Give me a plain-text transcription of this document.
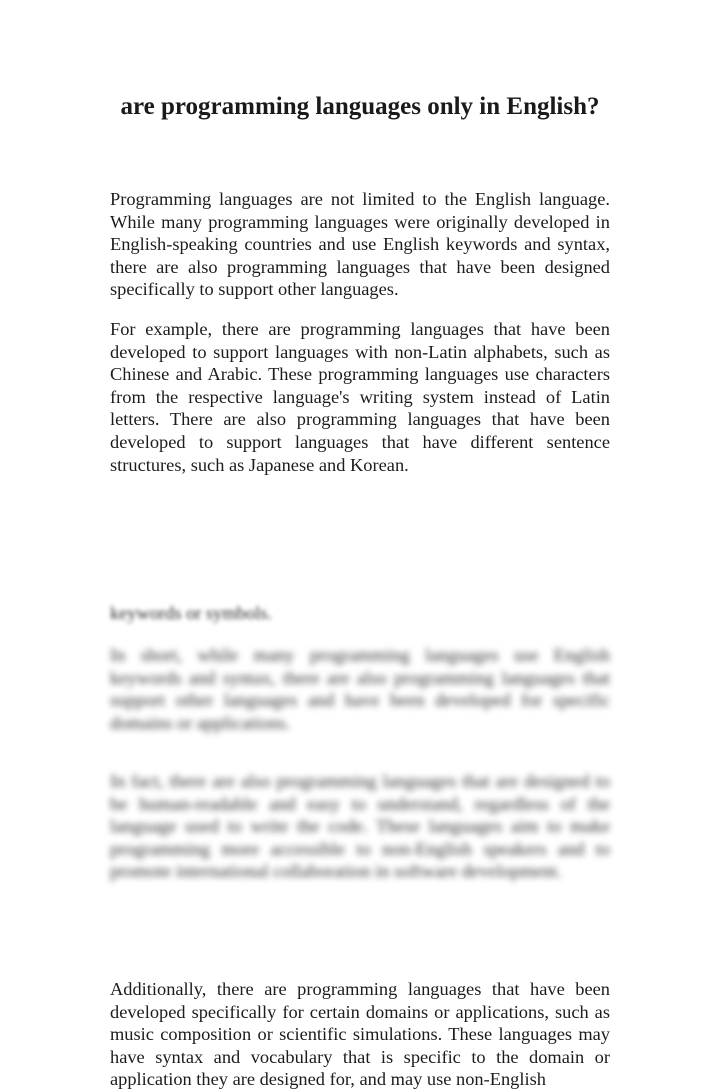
are programming languages only in English?

Programming languages are not limited to the English language. While many programming languages were originally developed in English-speaking countries and use English keywords and syntax, there are also programming languages that have been designed specifically to support other languages.

For example, there are programming languages that have been developed to support languages with non-Latin alphabets, such as Chinese and Arabic. These programming languages use characters from the respective language's writing system instead of Latin letters. There are also programming languages that have been developed to support languages that have different sentence structures, such as Japanese and Korean.

Additionally, there are programming languages that have been developed specifically for certain domains or applications, such as music composition or scientific simulations. These languages may have syntax and vocabulary that is specific to the domain or application they are designed for, and may use non-English

keywords or symbols.

In short, while many programming languages use English keywords and syntax, there are also programming languages that support other languages and have been developed for specific domains or applications.

In fact, there are also programming languages that are designed to be human-readable and easy to understand, regardless of the language used to write the code. These languages aim to make programming more accessible to non-English speakers and to promote international collaboration in software development.
